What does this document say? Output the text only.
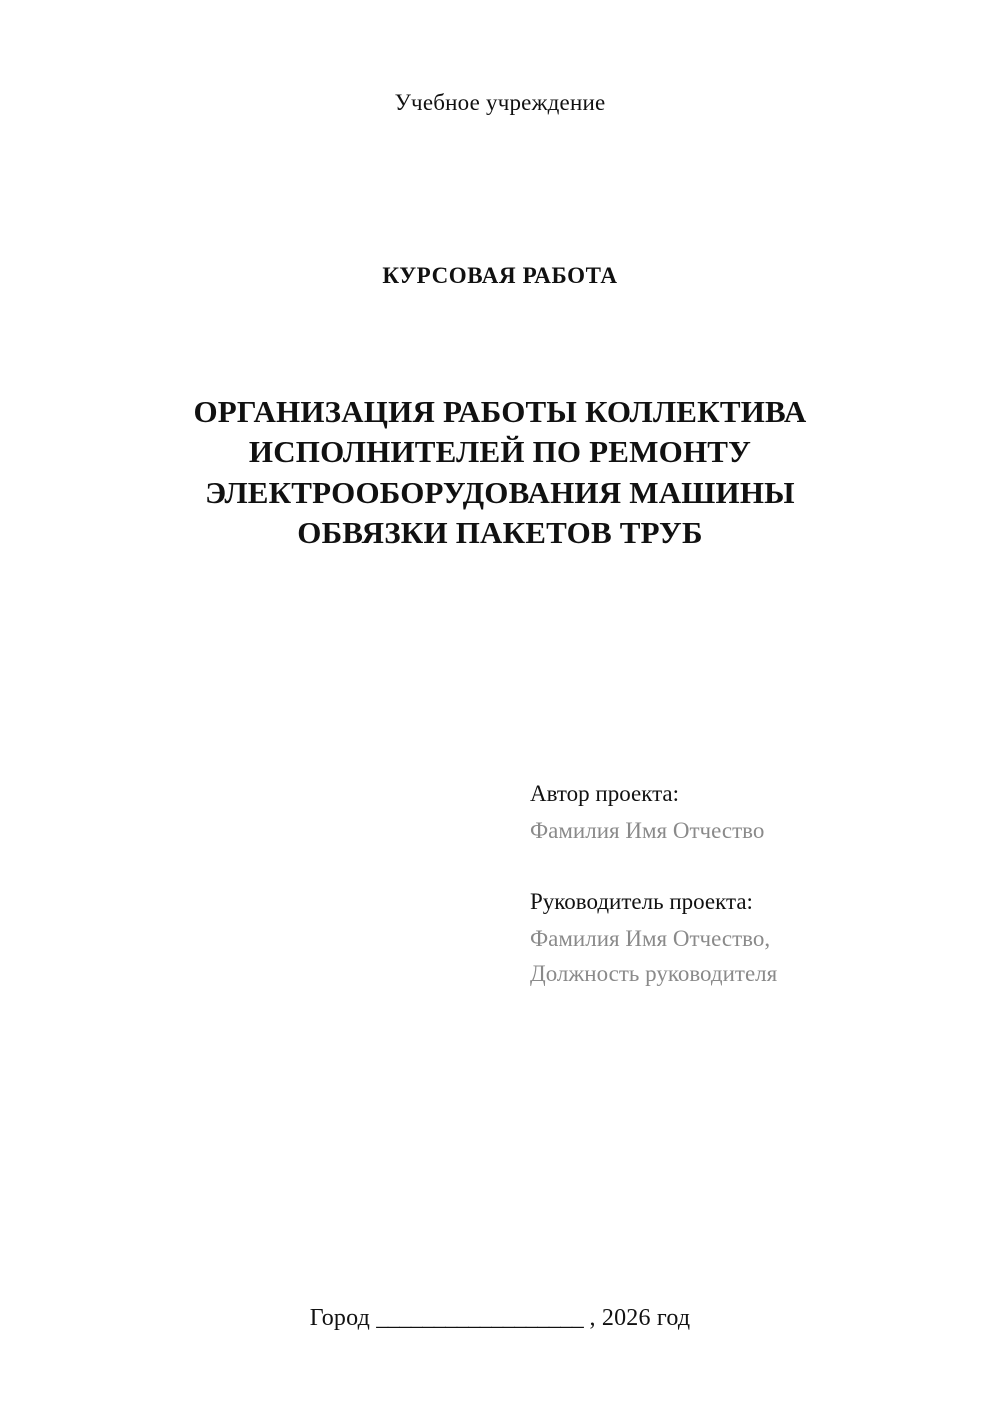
Учебное учреждение
КУРСОВАЯ РАБОТА
ОРГАНИЗАЦИЯ РАБОТЫ КОЛЛЕКТИВА
ИСПОЛНИТЕЛЕЙ ПО РЕМОНТУ
ЭЛЕКТРООБОРУДОВАНИЯ МАШИНЫ
ОБВЯЗКИ ПАКЕТОВ ТРУБ

Автор проекта:

Фамилия Имя Отчество

Руководитель проекта:

Фамилия Имя Отчество,

Должность руководителя

Город __________________ , 2026 год
